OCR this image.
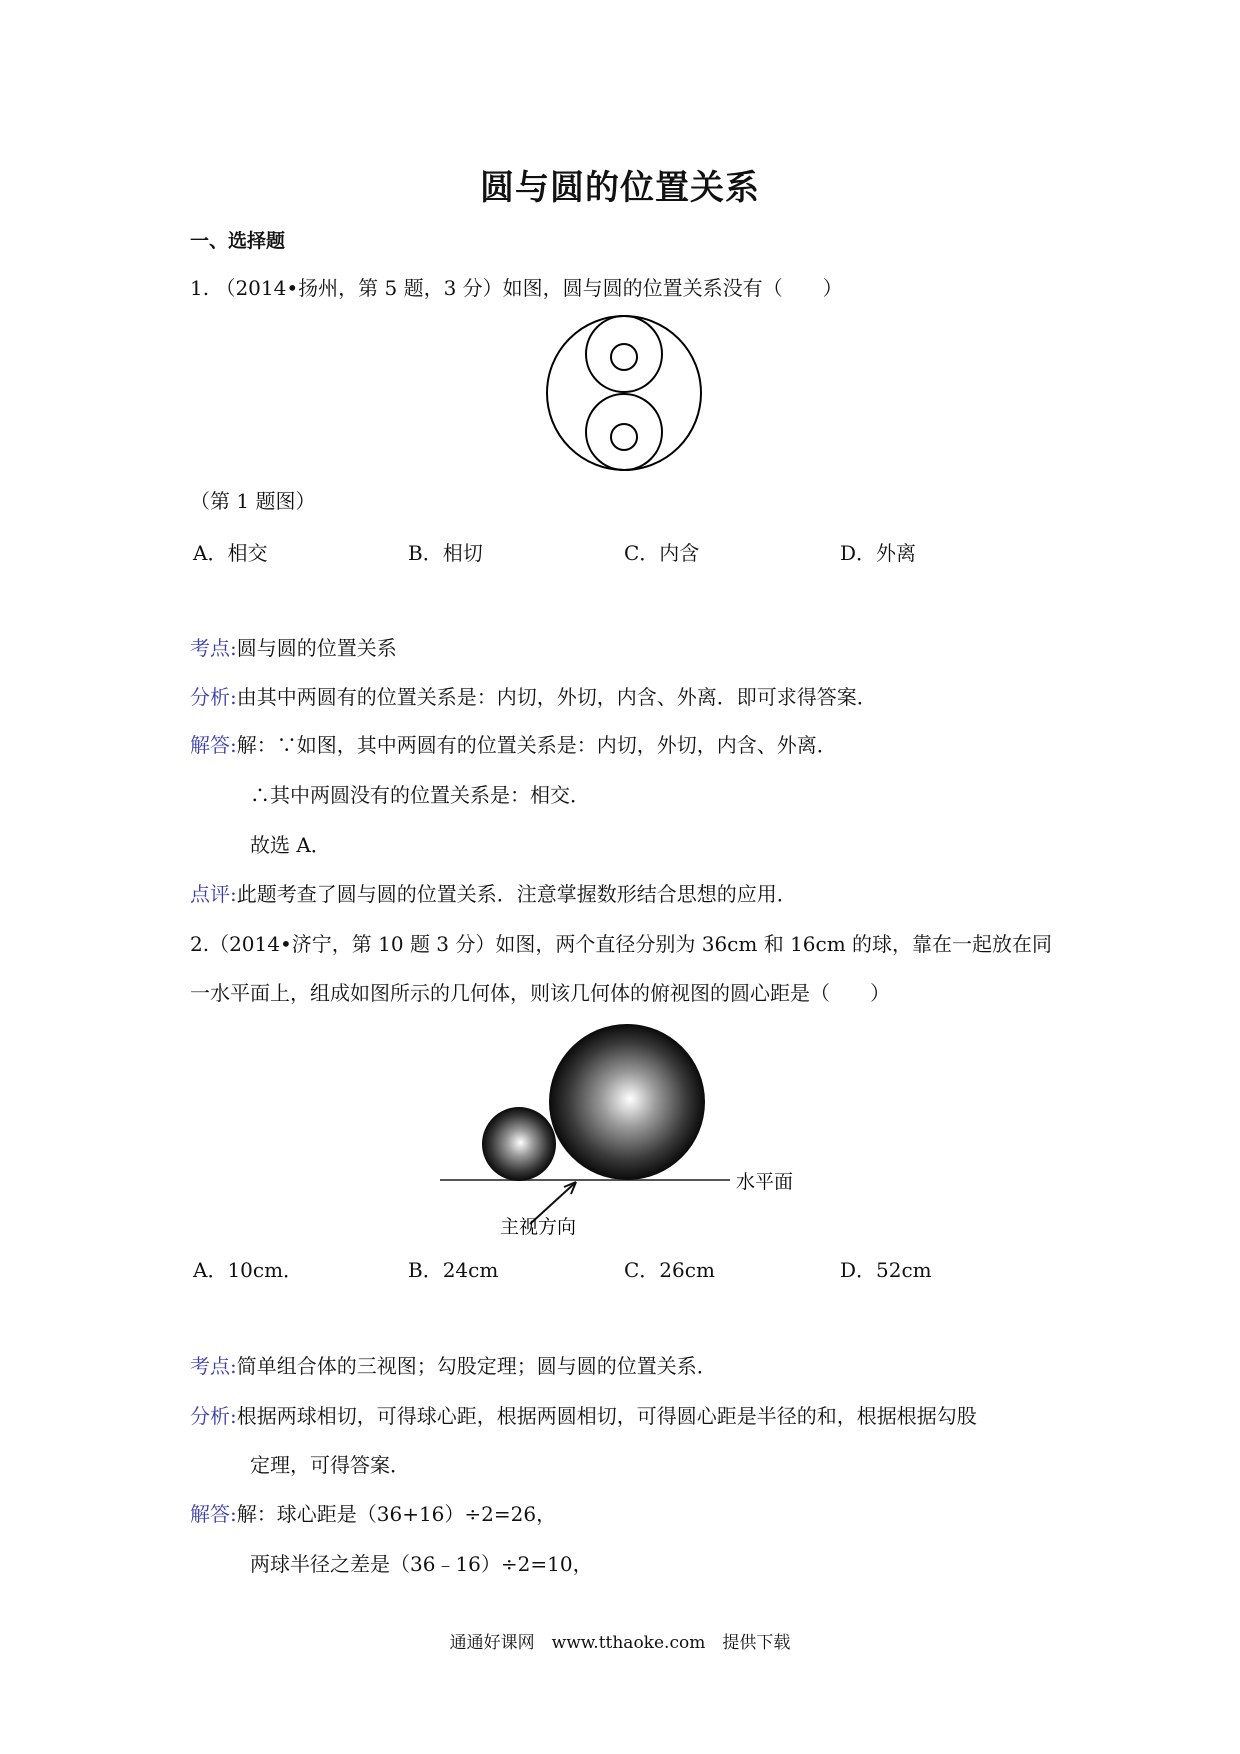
圆与圆的位置关系
一、选择题
1. （2014•扬州，第 5 题，3 分）如图，圆与圆的位置关系没有（　　）
（第 1 题图）
A．相交	B．相切	C．内含	D．外离
考点:圆与圆的位置关系
分析:由其中两圆有的位置关系是：内切，外切，内含、外离．即可求得答案．
解答:解：∵如图，其中两圆有的位置关系是：内切，外切，内含、外离．
∴其中两圆没有的位置关系是：相交．
故选 A．
点评:此题考查了圆与圆的位置关系．注意掌握数形结合思想的应用．
2.（2014•济宁，第 10 题 3 分）如图，两个直径分别为 36cm 和 16cm 的球，靠在一起放在同
一水平面上，组成如图所示的几何体，则该几何体的俯视图的圆心距是（　　）
水平面
主视方向
A．10cm．	B．24cm	C．26cm	D．52cm
考点:简单组合体的三视图；勾股定理；圆与圆的位置关系．
分析:根据两球相切，可得球心距，根据两圆相切，可得圆心距是半径的和，根据根据勾股
定理，可得答案．
解答:解：球心距是（36+16）÷2=26，
两球半径之差是（36﹣16）÷2=10，
通通好课网　www.tthaoke.com　提供下载
